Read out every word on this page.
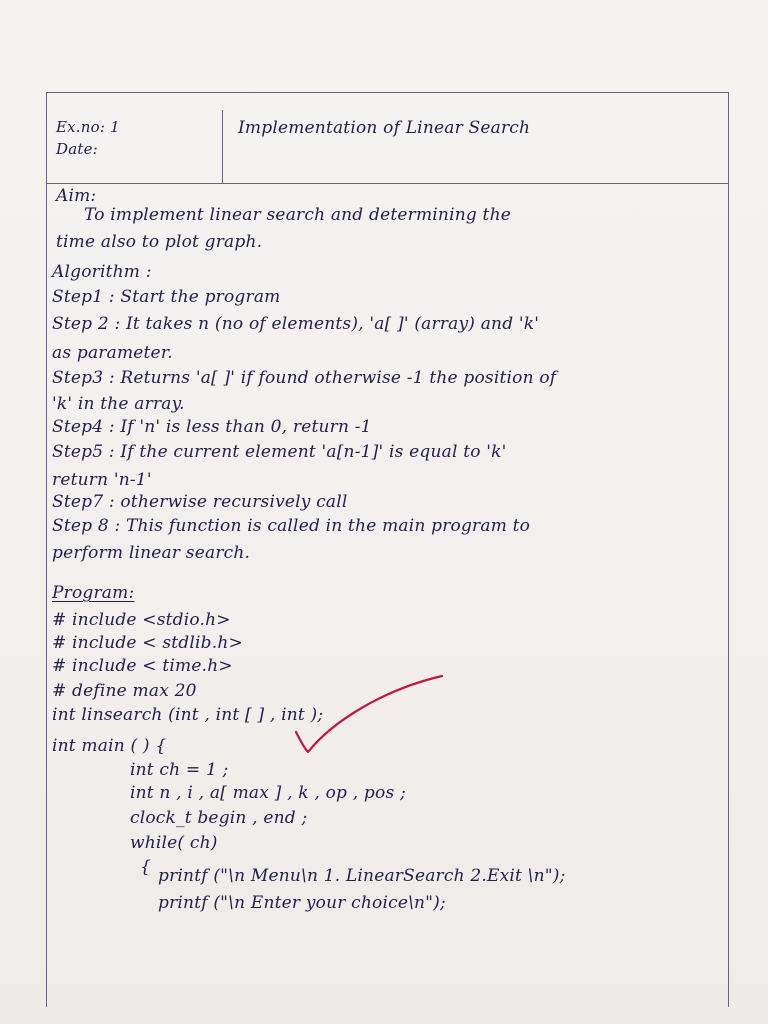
Ex.no: 1
Date:
Implementation of Linear Search
Aim:
To implement linear search and determining the
time also to plot graph.
Algorithm :
Step1 : Start the program
Step 2 : It takes n (no of elements), 'a[ ]' (array) and 'k'
as parameter.
Step3 : Returns 'a[ ]' if found otherwise -1 the position of
'k' in the array.
Step4 : If 'n' is less than 0, return -1
Step5 : If the current element 'a[n-1]' is equal to 'k'
return 'n-1'
Step7 : otherwise recursively call
Step 8 : This function is called in the main program to
perform linear search.
Program:
# include <stdio.h>
# include < stdlib.h>
# include < time.h>
# define max 20
int linsearch (int , int [ ] , int );
int main ( ) {
int ch = 1 ;
int n , i , a[ max ] , k , op , pos ;
clock_t begin , end ;
while( ch)
{ printf ("\n Menu\n 1. LinearSearch 2.Exit \n");
printf ("\n Enter your choice\n");
